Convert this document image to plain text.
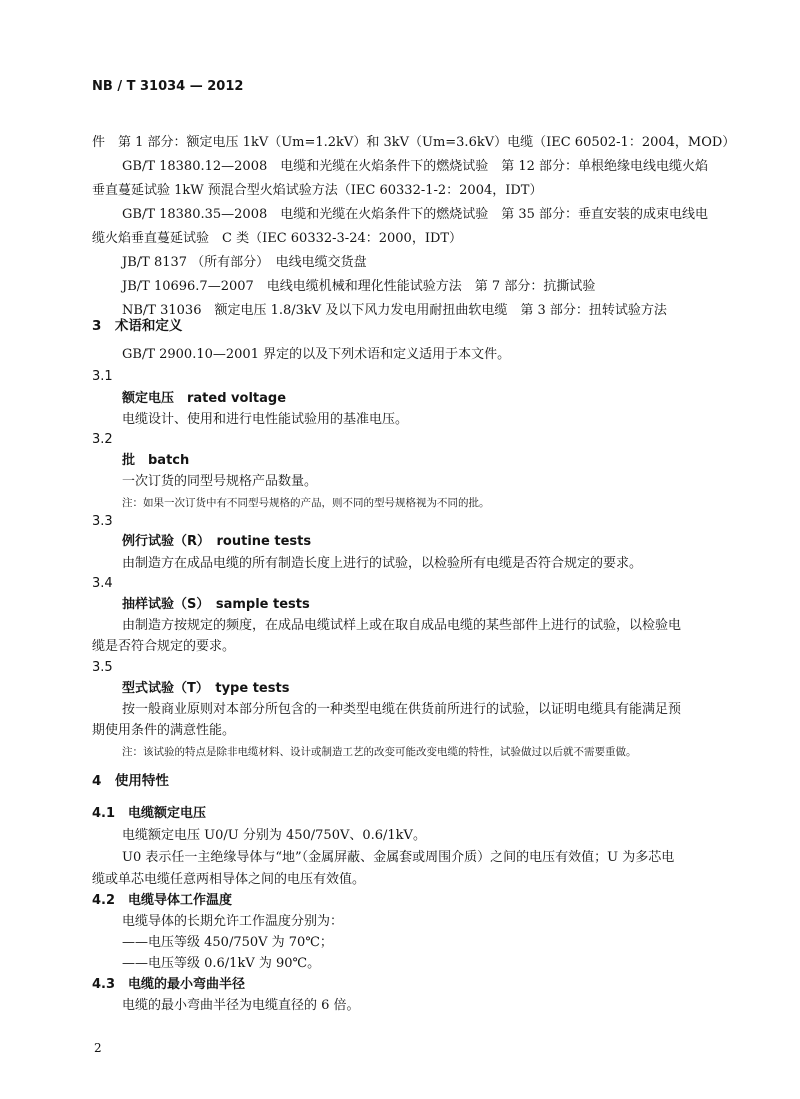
NB / T 31034 — 2012
件　第 1 部分：额定电压 1kV（Um=1.2kV）和 3kV（Um=3.6kV）电缆（IEC 60502-1：2004，MOD）
GB/T 18380.12—2008　电缆和光缆在火焰条件下的燃烧试验　第 12 部分：单根绝缘电线电缆火焰
垂直蔓延试验 1kW 预混合型火焰试验方法（IEC 60332-1-2：2004，IDT）
GB/T 18380.35—2008　电缆和光缆在火焰条件下的燃烧试验　第 35 部分：垂直安装的成束电线电
缆火焰垂直蔓延试验　C 类（IEC 60332-3-24：2000，IDT）
JB/T 8137 （所有部分）　电线电缆交货盘
JB/T 10696.7—2007　电线电缆机械和理化性能试验方法　第 7 部分：抗撕试验
NB/T 31036　额定电压 1.8/3kV 及以下风力发电用耐扭曲软电缆　第 3 部分：扭转试验方法
3　术语和定义
GB/T 2900.10—2001 界定的以及下列术语和定义适用于本文件。
3.1
额定电压　rated voltage
电缆设计、使用和进行电性能试验用的基准电压。
3.2
批　batch
一次订货的同型号规格产品数量。
注：如果一次订货中有不同型号规格的产品，则不同的型号规格视为不同的批。
3.3
例行试验（R）　routine tests
由制造方在成品电缆的所有制造长度上进行的试验，以检验所有电缆是否符合规定的要求。
3.4
抽样试验（S）　sample tests
由制造方按规定的频度，在成品电缆试样上或在取自成品电缆的某些部件上进行的试验，以检验电
缆是否符合规定的要求。
3.5
型式试验（T）　type tests
按一般商业原则对本部分所包含的一种类型电缆在供货前所进行的试验，以证明电缆具有能满足预
期使用条件的满意性能。
注：该试验的特点是除非电缆材料、设计或制造工艺的改变可能改变电缆的特性，试验做过以后就不需要重做。
4　使用特性
4.1　电缆额定电压
电缆额定电压 U0/U 分别为 450/750V、0.6/1kV。
U0 表示任一主绝缘导体与“地”（金属屏蔽、金属套或周围介质）之间的电压有效值；U 为多芯电
缆或单芯电缆任意两相导体之间的电压有效值。
4.2　电缆导体工作温度
电缆导体的长期允许工作温度分别为：
——电压等级 450/750V 为 70℃；
——电压等级 0.6/1kV 为 90℃。
4.3　电缆的最小弯曲半径
电缆的最小弯曲半径为电缆直径的 6 倍。
2
